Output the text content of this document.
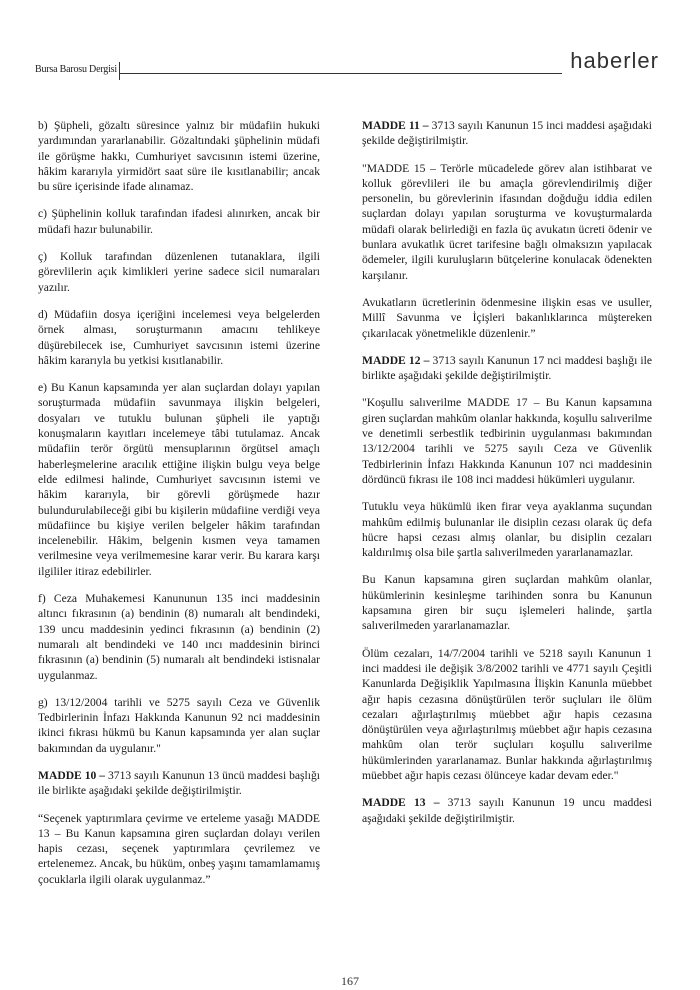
Bursa Barosu Dergisi	haberler

b) Şüpheli, gözaltı süresince yalnız bir müdafiin hukuki yardımından yararlanabilir. Gözaltındaki şüphelinin müdafi ile görüşme hakkı, Cumhuriyet savcısının istemi üzerine, hâkim kararıyla yirmidört saat süre ile kısıtlanabilir; ancak bu süre içerisinde ifade alınamaz.

c) Şüphelinin kolluk tarafından ifadesi alınırken, ancak bir müdafi hazır bulunabilir.

ç) Kolluk tarafından düzenlenen tutanaklara, ilgili görevlilerin açık kimlikleri yerine sadece sicil numaraları yazılır.

d) Müdafiin dosya içeriğini incelemesi veya belgelerden örnek alması, soruşturmanın amacını tehlikeye düşürebilecek ise, Cumhuriyet savcısının istemi üzerine hâkim kararıyla bu yetkisi kısıtlanabilir.

e) Bu Kanun kapsamında yer alan suçlardan dolayı yapılan soruşturmada müdafiin savunmaya ilişkin belgeleri, dosyaları ve tutuklu bulunan şüpheli ile yaptığı konuşmaların kayıtları incelemeye tâbi tutulamaz. Ancak müdafiin terör örgütü mensuplarının örgütsel amaçlı haberleşmelerine aracılık ettiğine ilişkin bulgu veya belge elde edilmesi halinde, Cumhuriyet savcısının istemi ve hâkim kararıyla, bir görevli görüşmede hazır bulundurulabileceği gibi bu kişilerin müdafiine verdiği veya müdafiince bu kişiye verilen belgeler hâkim tarafından incelenebilir. Hâkim, belgenin kısmen veya tamamen verilmesine veya verilmemesine karar verir. Bu karara karşı ilgililer itiraz edebilirler.

f) Ceza Muhakemesi Kanununun 135 inci maddesinin altıncı fıkrasının (a) bendinin (8) numaralı alt bendindeki, 139 uncu maddesinin yedinci fıkrasının (a) bendinin (2) numaralı alt bendindeki ve 140 ıncı maddesinin birinci fıkrasının (a) bendinin (5) numaralı alt bendindeki istisnalar uygulanmaz.

g) 13/12/2004 tarihli ve 5275 sayılı Ceza ve Güvenlik Tedbirlerinin İnfazı Hakkında Kanunun 92 nci maddesinin ikinci fıkrası hükmü bu Kanun kapsamında yer alan suçlar bakımından da uygulanır."

MADDE 10 – 3713 sayılı Kanunun 13 üncü maddesi başlığı ile birlikte aşağıdaki şekilde değiştirilmiştir.

“Seçenek yaptırımlara çevirme ve erteleme yasağı MADDE 13 – Bu Kanun kapsamına giren suçlardan dolayı verilen hapis cezası, seçenek yaptırımlara çevrilemez ve ertelenemez. Ancak, bu hüküm, onbeş yaşını tamamlamamış çocuklarla ilgili olarak uygulanmaz.”

MADDE 11 – 3713 sayılı Kanunun 15 inci maddesi aşağıdaki şekilde değiştirilmiştir.

"MADDE 15 – Terörle mücadelede görev alan istihbarat ve kolluk görevlileri ile bu amaçla görevlendirilmiş diğer personelin, bu görevlerinin ifasından doğduğu iddia edilen suçlardan dolayı yapılan soruşturma ve kovuşturmalarda müdafi olarak belirlediği en fazla üç avukatın ücreti ödenir ve bunlara avukatlık ücret tarifesine bağlı olmaksızın yapılacak ödemeler, ilgili kuruluşların bütçelerine konulacak ödenekten karşılanır.

Avukatların ücretlerinin ödenmesine ilişkin esas ve usuller, Millî Savunma ve İçişleri bakanlıklarınca müştereken çıkarılacak yönetmelikle düzenlenir.”

MADDE 12 – 3713 sayılı Kanunun 17 nci maddesi başlığı ile birlikte aşağıdaki şekilde değiştirilmiştir.

"Koşullu salıverilme MADDE 17 – Bu Kanun kapsamına giren suçlardan mahkûm olanlar hakkında, koşullu salıverilme ve denetimli serbestlik tedbirinin uygulanması bakımından 13/12/2004 tarihli ve 5275 sayılı Ceza ve Güvenlik Tedbirlerinin İnfazı Hakkında Kanunun 107 nci maddesinin dördüncü fıkrası ile 108 inci maddesi hükümleri uygulanır.

Tutuklu veya hükümlü iken firar veya ayaklanma suçundan mahkûm edilmiş bulunanlar ile disiplin cezası olarak üç defa hücre hapsi cezası almış olanlar, bu disiplin cezaları kaldırılmış olsa bile şartla salıverilmeden yararlanamazlar.

Bu Kanun kapsamına giren suçlardan mahkûm olanlar, hükümlerinin kesinleşme tarihinden sonra bu Kanunun kapsamına giren bir suçu işlemeleri halinde, şartla salıverilmeden yararlanamazlar.

Ölüm cezaları, 14/7/2004 tarihli ve 5218 sayılı Kanunun 1 inci maddesi ile değişik 3/8/2002 tarihli ve 4771 sayılı Çeşitli Kanunlarda Değişiklik Yapılmasına İlişkin Kanunla müebbet ağır hapis cezasına dönüştürülen terör suçluları ile ölüm cezaları ağırlaştırılmış müebbet ağır hapis cezasına dönüştürülen veya ağırlaştırılmış müebbet ağır hapis cezasına mahkûm olan terör suçluları koşullu salıverilme hükümlerinden yararlanamaz. Bunlar hakkında ağırlaştırılmış müebbet ağır hapis cezası ölünceye kadar devam eder."

MADDE 13 – 3713 sayılı Kanunun 19 uncu maddesi aşağıdaki şekilde değiştirilmiştir.

167
